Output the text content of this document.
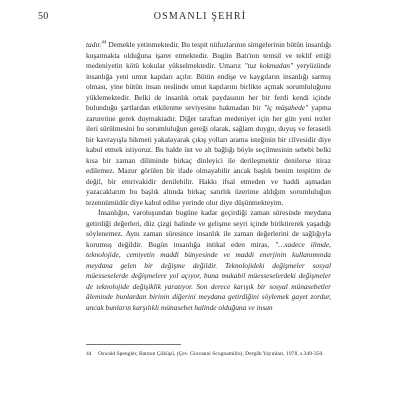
50	OSMANLI ŞEHRİ

tadır.$^{44}$ Demekle yetinmektedir. Bu tespit nüfuzlarının simgelerinin bütün insanlığı kuşatmakta olduğuna işaret etmektedir. Bugün Batı'nın temsil ve teklif ettiği medeniyetin kötü kokular yükselmektedir. Umarız "tuz kokmadan" yeryüzünde insanlığa yeni umut kapıları açılır. Bütün endişe ve kaygıların insanlığı sarmış olması, yine bütün insan neslinde umut kapılarını birlikte açmak sorumluluğunu yüklemektedir. Belki de insanlık ortak paydasının her bir ferdi kendi içinde bulunduğu şartlardan etkilenme seviyesine bakmadan bir "iç müşahede" yapma zaruretine gerek duymaktadır. Diğer taraftan medeniyet için her gün yeni tezler ileri sürülmesini bu sorumluluğun gereği olarak, sağlam duygu, duyuş ve ferasetli bir kavrayışla hikmeti yakalayarak çıkış yolları arama isteğinin bir cilvesidir diye kabul etmek istiyoruz. Bu halde üst ve alt bağlığı böyle seçilmesinin sebebi belki kısa bir zaman diliminde birkaç dinleyici ile derileşmektir denilerse itiraz edilemez. Mazur görülen bir ifade olmayabilir ancak başlık benim tespitim de değil, bir emrivakidir denilebilir. Hakkı ifsal etmeden ve haddi aşmadan yazacaklarım bu başlık altında birkaç satırlık üzerime aldığım sorumluluğun tezennümüdür diye kabul edilse yerinde olur diye düşünmekteyim.

İnsanlığın, varoluşundan bugüne kadar geçirdiği zaman süresinde meydana getirdiği değerleri, düz çizgi halinde ve gelişme seyri içinde biriktirerek yaşadığı söylenemez. Aynı zaman süresince insanlık ile zaman değerlerini de sağlığıyla korumuş değildir. Bugün insanlığa intikal eden miras, "…sadece ilimde, teknolojide, cemiyetin maddi bünyesinde ve maddi enerjinin kullanımında meydana gelen bir değişme değildir. Teknolojideki değişmeler sosyal müesseselerde değişmelere yol açıyor, buna mukabil müesseselerdeki değişmeler de teknolojide değişiklik yaratıyor. Son derece karışık bir sosyal münasebetler âleminde bunlardan birinin diğerini meydana getirdiğini söylemek gayet zordur, ancak bunların karşılıklı münasebet halinde olduğuna ve insan

44 Oswald Spengler, Batının Çöküşü, (Çev. Giovanni Scognamillo), Dergâh Yayınları, 1978, s.349-350.
